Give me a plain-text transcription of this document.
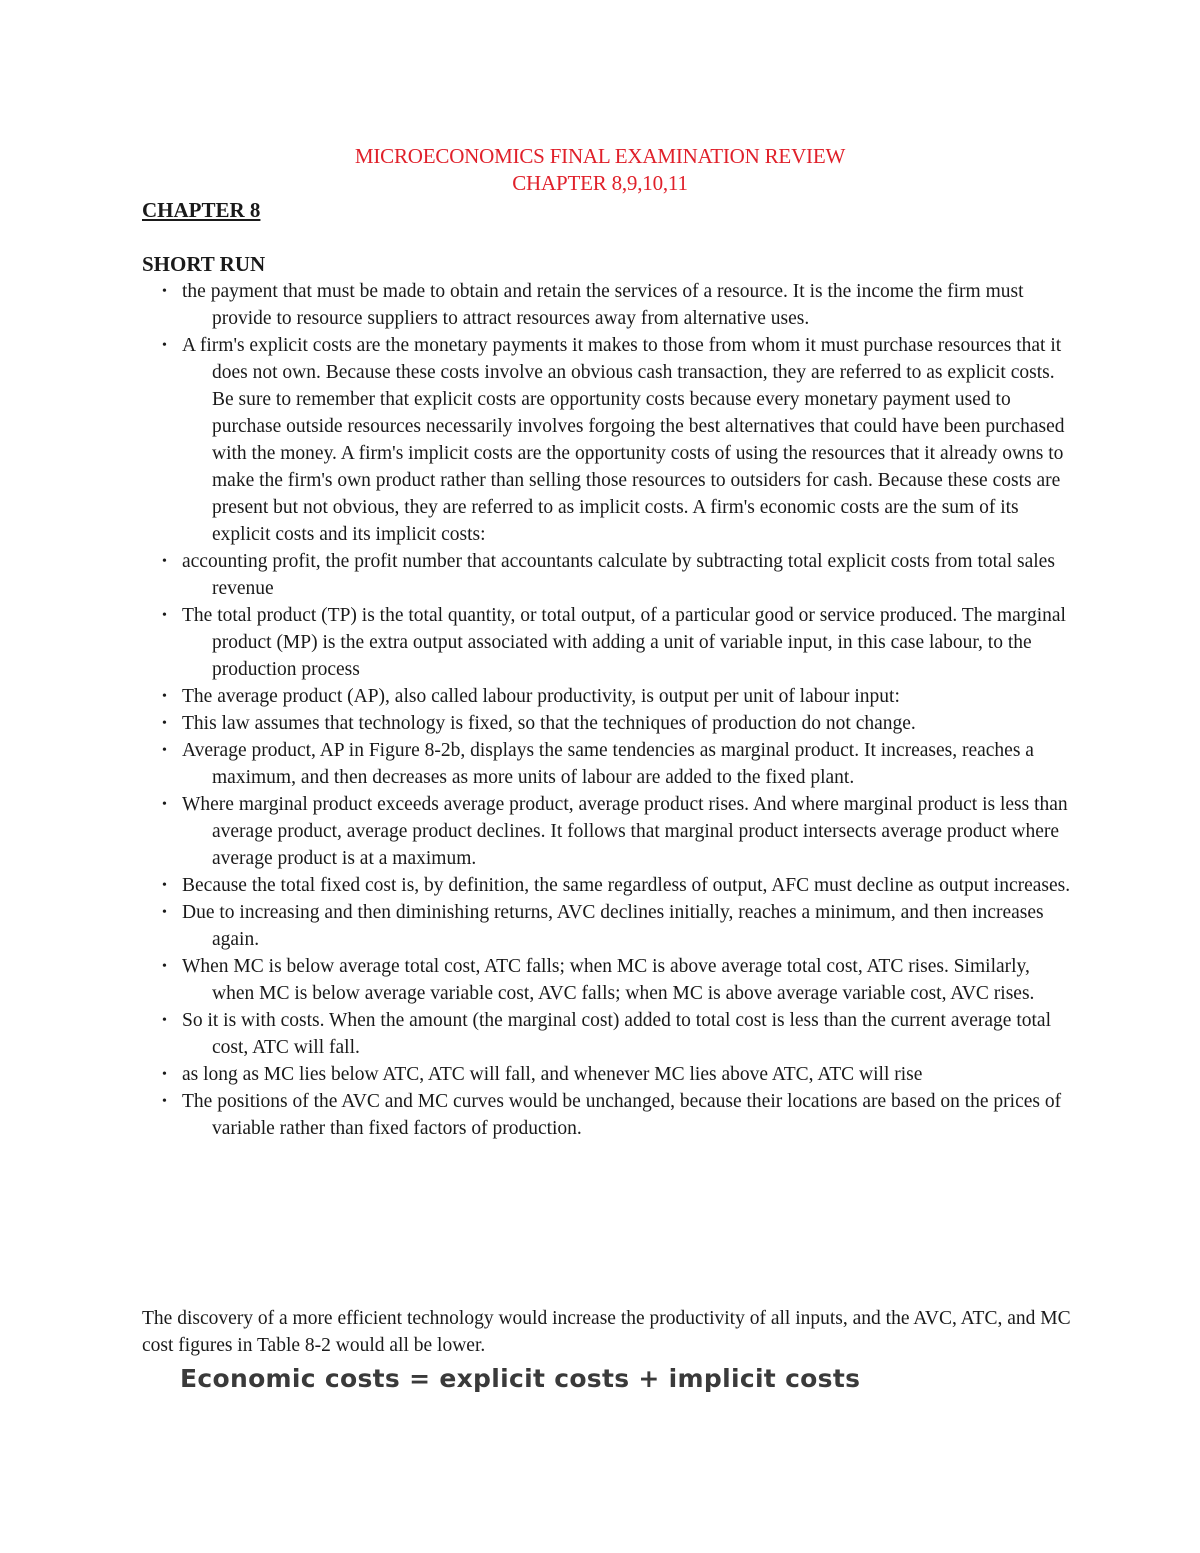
MICROECONOMICS FINAL EXAMINATION REVIEW
CHAPTER 8,9,10,11
CHAPTER 8
SHORT RUN
• the payment that must be made to obtain and retain the services of a resource. It is the income the firm must provide to resource suppliers to attract resources away from alternative uses.
• A firm's explicit costs are the monetary payments it makes to those from whom it must purchase resources that it does not own. Because these costs involve an obvious cash transaction, they are referred to as explicit costs. Be sure to remember that explicit costs are opportunity costs because every monetary payment used to purchase outside resources necessarily involves forgoing the best alternatives that could have been purchased with the money. A firm's implicit costs are the opportunity costs of using the resources that it already owns to make the firm's own product rather than selling those resources to outsiders for cash. Because these costs are present but not obvious, they are referred to as implicit costs. A firm's economic costs are the sum of its explicit costs and its implicit costs:
• accounting profit, the profit number that accountants calculate by subtracting total explicit costs from total sales revenue
• The total product (TP) is the total quantity, or total output, of a particular good or service produced. The marginal product (MP) is the extra output associated with adding a unit of variable input, in this case labour, to the production process
• The average product (AP), also called labour productivity, is output per unit of labour input:
• This law assumes that technology is fixed, so that the techniques of production do not change.
• Average product, AP in Figure 8-2b, displays the same tendencies as marginal product. It increases, reaches a maximum, and then decreases as more units of labour are added to the fixed plant.
• Where marginal product exceeds average product, average product rises. And where marginal product is less than average product, average product declines. It follows that marginal product intersects average product where average product is at a maximum.
• Because the total fixed cost is, by definition, the same regardless of output, AFC must decline as output increases.
• Due to increasing and then diminishing returns, AVC declines initially, reaches a minimum, and then increases again.
• When MC is below average total cost, ATC falls; when MC is above average total cost, ATC rises. Similarly, when MC is below average variable cost, AVC falls; when MC is above average variable cost, AVC rises.
• So it is with costs. When the amount (the marginal cost) added to total cost is less than the current average total cost, ATC will fall.
• as long as MC lies below ATC, ATC will fall, and whenever MC lies above ATC, ATC will rise
• The positions of the AVC and MC curves would be unchanged, because their locations are based on the prices of variable rather than fixed factors of production.
The discovery of a more efficient technology would increase the productivity of all inputs, and the AVC, ATC, and MC cost figures in Table 8-2 would all be lower.
Economic costs = explicit costs + implicit costs
